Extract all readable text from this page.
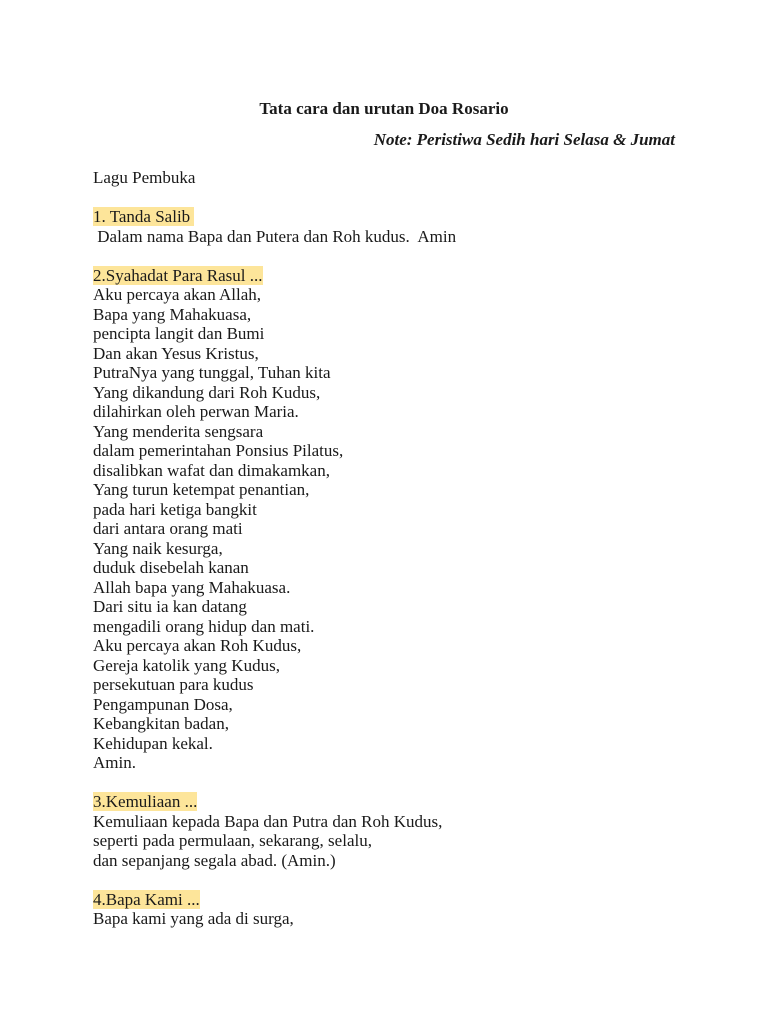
Tata cara dan urutan Doa Rosario
Note: Peristiwa Sedih hari Selasa & Jumat
Lagu Pembuka
1. Tanda Salib
Dalam nama Bapa dan Putera dan Roh kudus.  Amin
2.Syahadat Para Rasul ...
Aku percaya akan Allah,
Bapa yang Mahakuasa,
pencipta langit dan Bumi
Dan akan Yesus Kristus,
PutraNya yang tunggal, Tuhan kita
Yang dikandung dari Roh Kudus,
dilahirkan oleh perwan Maria.
Yang menderita sengsara
dalam pemerintahan Ponsius Pilatus,
disalibkan wafat dan dimakamkan,
Yang turun ketempat penantian,
pada hari ketiga bangkit
dari antara orang mati
Yang naik kesurga,
duduk disebelah kanan
Allah bapa yang Mahakuasa.
Dari situ ia kan datang
mengadili orang hidup dan mati.
Aku percaya akan Roh Kudus,
Gereja katolik yang Kudus,
persekutuan para kudus
Pengampunan Dosa,
Kebangkitan badan,
Kehidupan kekal.
Amin.
3.Kemuliaan ...
Kemuliaan kepada Bapa dan Putra dan Roh Kudus,
seperti pada permulaan, sekarang, selalu,
dan sepanjang segala abad. (Amin.)
4.Bapa Kami ...
Bapa kami yang ada di surga,
